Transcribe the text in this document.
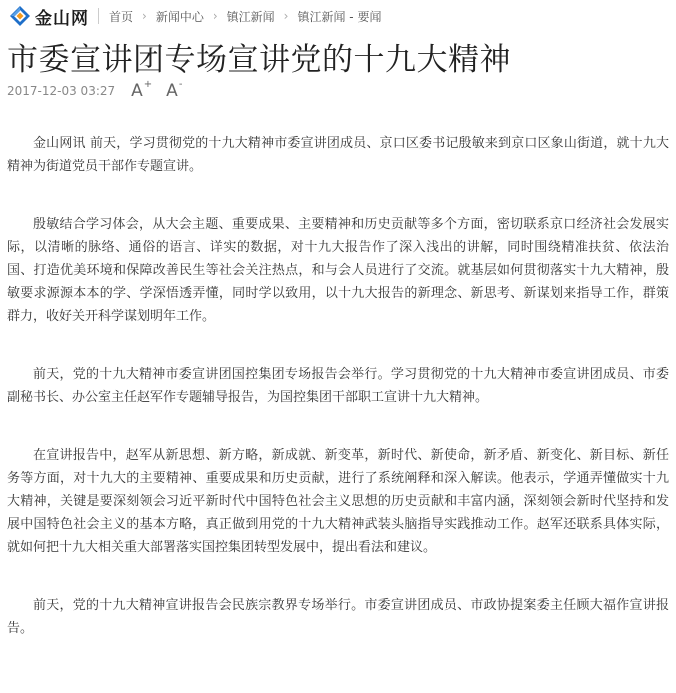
金山网 首页 › 新闻中心 › 镇江新闻 › 镇江新闻 - 要闻
市委宣讲团专场宣讲党的十九大精神
2017-12-03 03:27 A + A -

金山网讯 前天，学习贯彻党的十九大精神市委宣讲团成员、京口区委书记殷敏来到京口区象山街道，就十九大精神为街道党员干部作专题宣讲。

殷敏结合学习体会，从大会主题、重要成果、主要精神和历史贡献等多个方面，密切联系京口经济社会发展实际，以清晰的脉络、通俗的语言、详实的数据，对十九大报告作了深入浅出的讲解，同时围绕精准扶贫、依法治国、打造优美环境和保障改善民生等社会关注热点，和与会人员进行了交流。就基层如何贯彻落实十九大精神，殷敏要求源源本本的学、学深悟透弄懂，同时学以致用，以十九大报告的新理念、新思考、新谋划来指导工作，群策群力，收好关开科学谋划明年工作。

前天，党的十九大精神市委宣讲团国控集团专场报告会举行。学习贯彻党的十九大精神市委宣讲团成员、市委副秘书长、办公室主任赵军作专题辅导报告，为国控集团干部职工宣讲十九大精神。

在宣讲报告中，赵军从新思想、新方略，新成就、新变革，新时代、新使命，新矛盾、新变化、新目标、新任务等方面，对十九大的主要精神、重要成果和历史贡献，进行了系统阐释和深入解读。他表示，学通弄懂做实十九大精神，关键是要深刻领会习近平新时代中国特色社会主义思想的历史贡献和丰富内涵，深刻领会新时代坚持和发展中国特色社会主义的基本方略，真正做到用党的十九大精神武装头脑指导实践推动工作。赵军还联系具体实际，就如何把十九大相关重大部署落实国控集团转型发展中，提出看法和建议。

前天，党的十九大精神宣讲报告会民族宗教界专场举行。市委宣讲团成员、市政协提案委主任顾大福作宣讲报告。
